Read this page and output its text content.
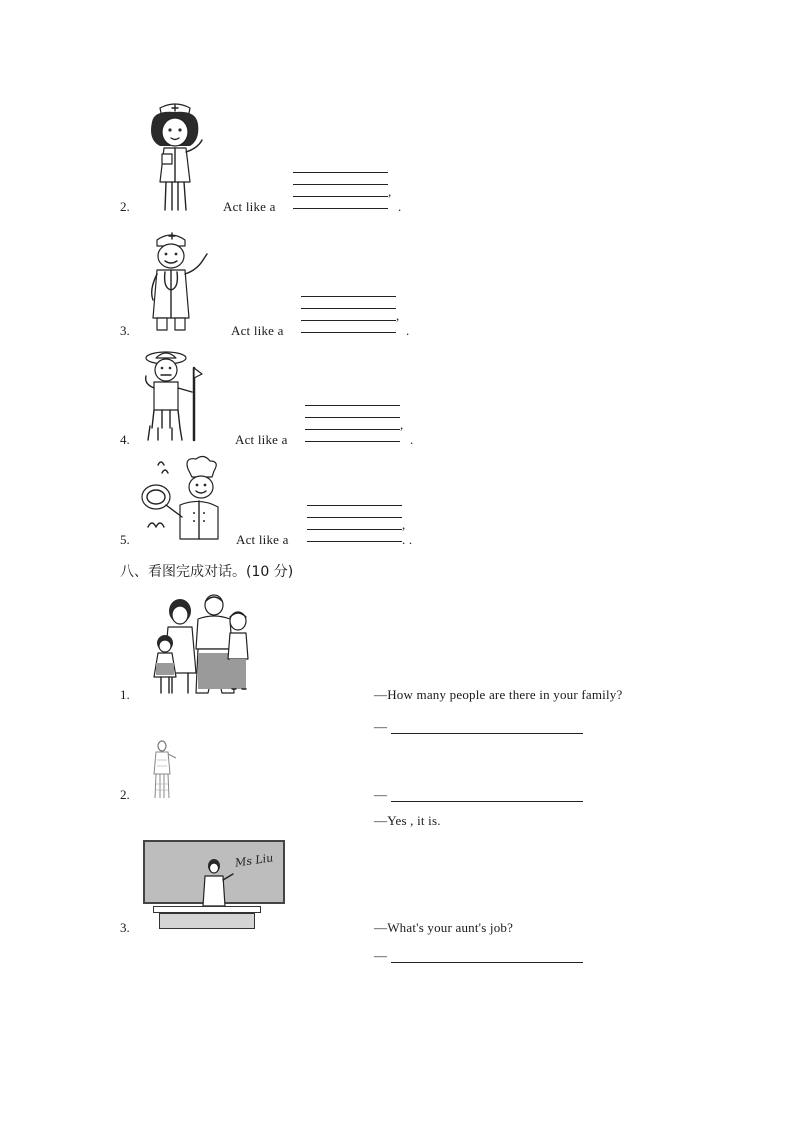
2.	Act like a
,
.
3.	Act like a
,
.
4.	Act like a
,
.
5.	Act like a
,
. .
八、看图完成对话。(10 分)
1.	—How many people are there in your family?
—
2.	—
—Yes , it is.
Ms Liu
3.	—What's your aunt's job?
—
